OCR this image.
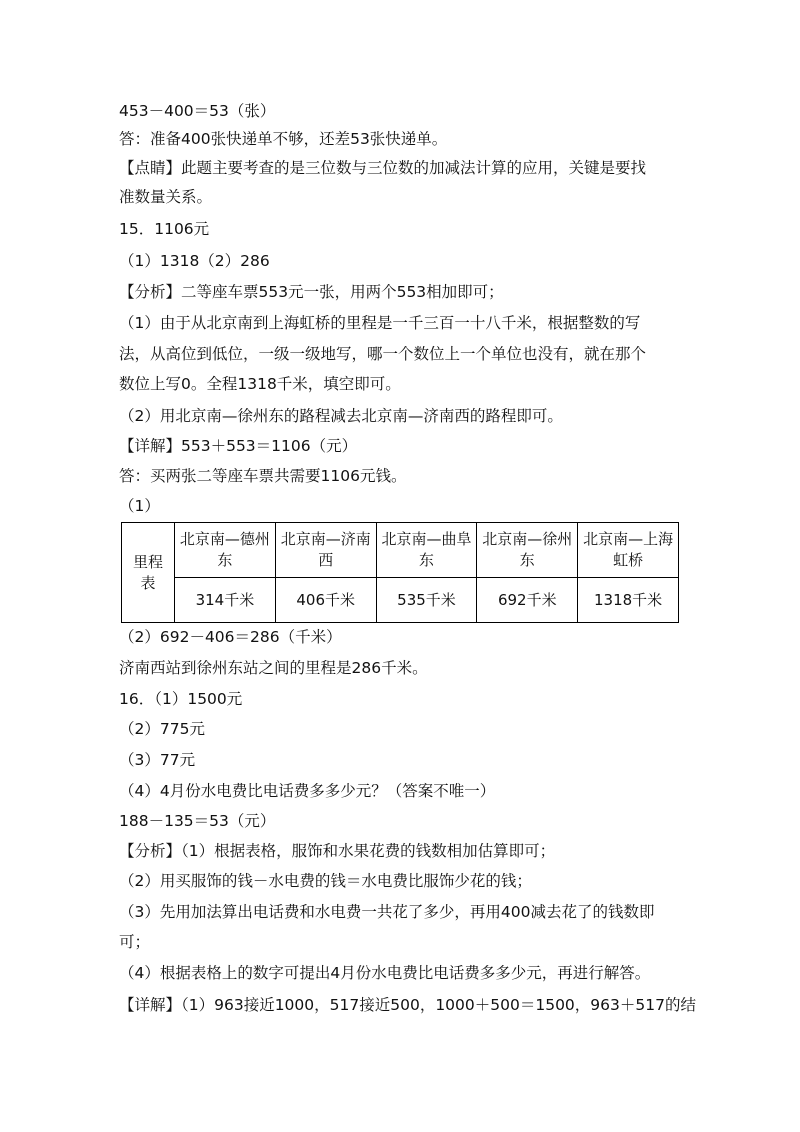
453－400＝53（张）
答：准备400张快递单不够，还差53张快递单。
【点睛】此题主要考查的是三位数与三位数的加减法计算的应用，关键是要找
准数量关系。
15．1106元
（1）1318（2）286
【分析】二等座车票553元一张，用两个553相加即可；
（1）由于从北京南到上海虹桥的里程是一千三百一十八千米，根据整数的写
法，从高位到低位，一级一级地写，哪一个数位上一个单位也没有，就在那个
数位上写0。全程1318千米，填空即可。
（2）用北京南—徐州东的路程减去北京南—济南西的路程即可。
【详解】553＋553＝1106（元）
答：买两张二等座车票共需要1106元钱。
（1）
里程表	北京南—德州东	北京南—济南西	北京南—曲阜东	北京南—徐州东	北京南—上海虹桥
	314千米	406千米	535千米	692千米	1318千米
（2）692－406＝286（千米）
济南西站到徐州东站之间的里程是286千米。
16．（1）1500元
（2）775元
（3）77元
（4）4月份水电费比电话费多多少元？（答案不唯一）
188－135＝53（元）
【分析】（1）根据表格，服饰和水果花费的钱数相加估算即可；
（2）用买服饰的钱－水电费的钱＝水电费比服饰少花的钱；
（3）先用加法算出电话费和水电费一共花了多少，再用400减去花了的钱数即
可；
（4）根据表格上的数字可提出4月份水电费比电话费多多少元，再进行解答。
【详解】（1）963接近1000，517接近500，1000＋500＝1500，963＋517的结
